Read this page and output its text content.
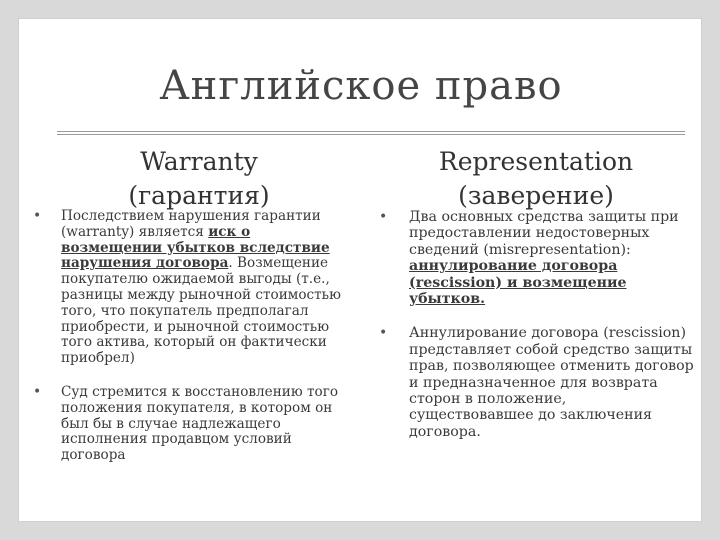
Английское право
Warranty
(гарантия)
Representation
(заверение)
• Последствием нарушения гарантии (warranty) является иск о возмещении убытков вследствие нарушения договора. Возмещение покупателю ожидаемой выгоды (т.е., разницы между рыночной стоимостью того, что покупатель предполагал приобрести, и рыночной стоимостью того актива, который он фактически приобрел)
• Суд стремится к восстановлению того положения покупателя, в котором он был бы в случае надлежащего исполнения продавцом условий договора
• Два основных средства защиты при предоставлении недостоверных сведений (misrepresentation): аннулирование договора (rescission) и возмещение убытков.
• Аннулирование договора (rescission) представляет собой средство защиты прав, позволяющее отменить договор и предназначенное для возврата сторон в положение, существовавшее до заключения договора.
